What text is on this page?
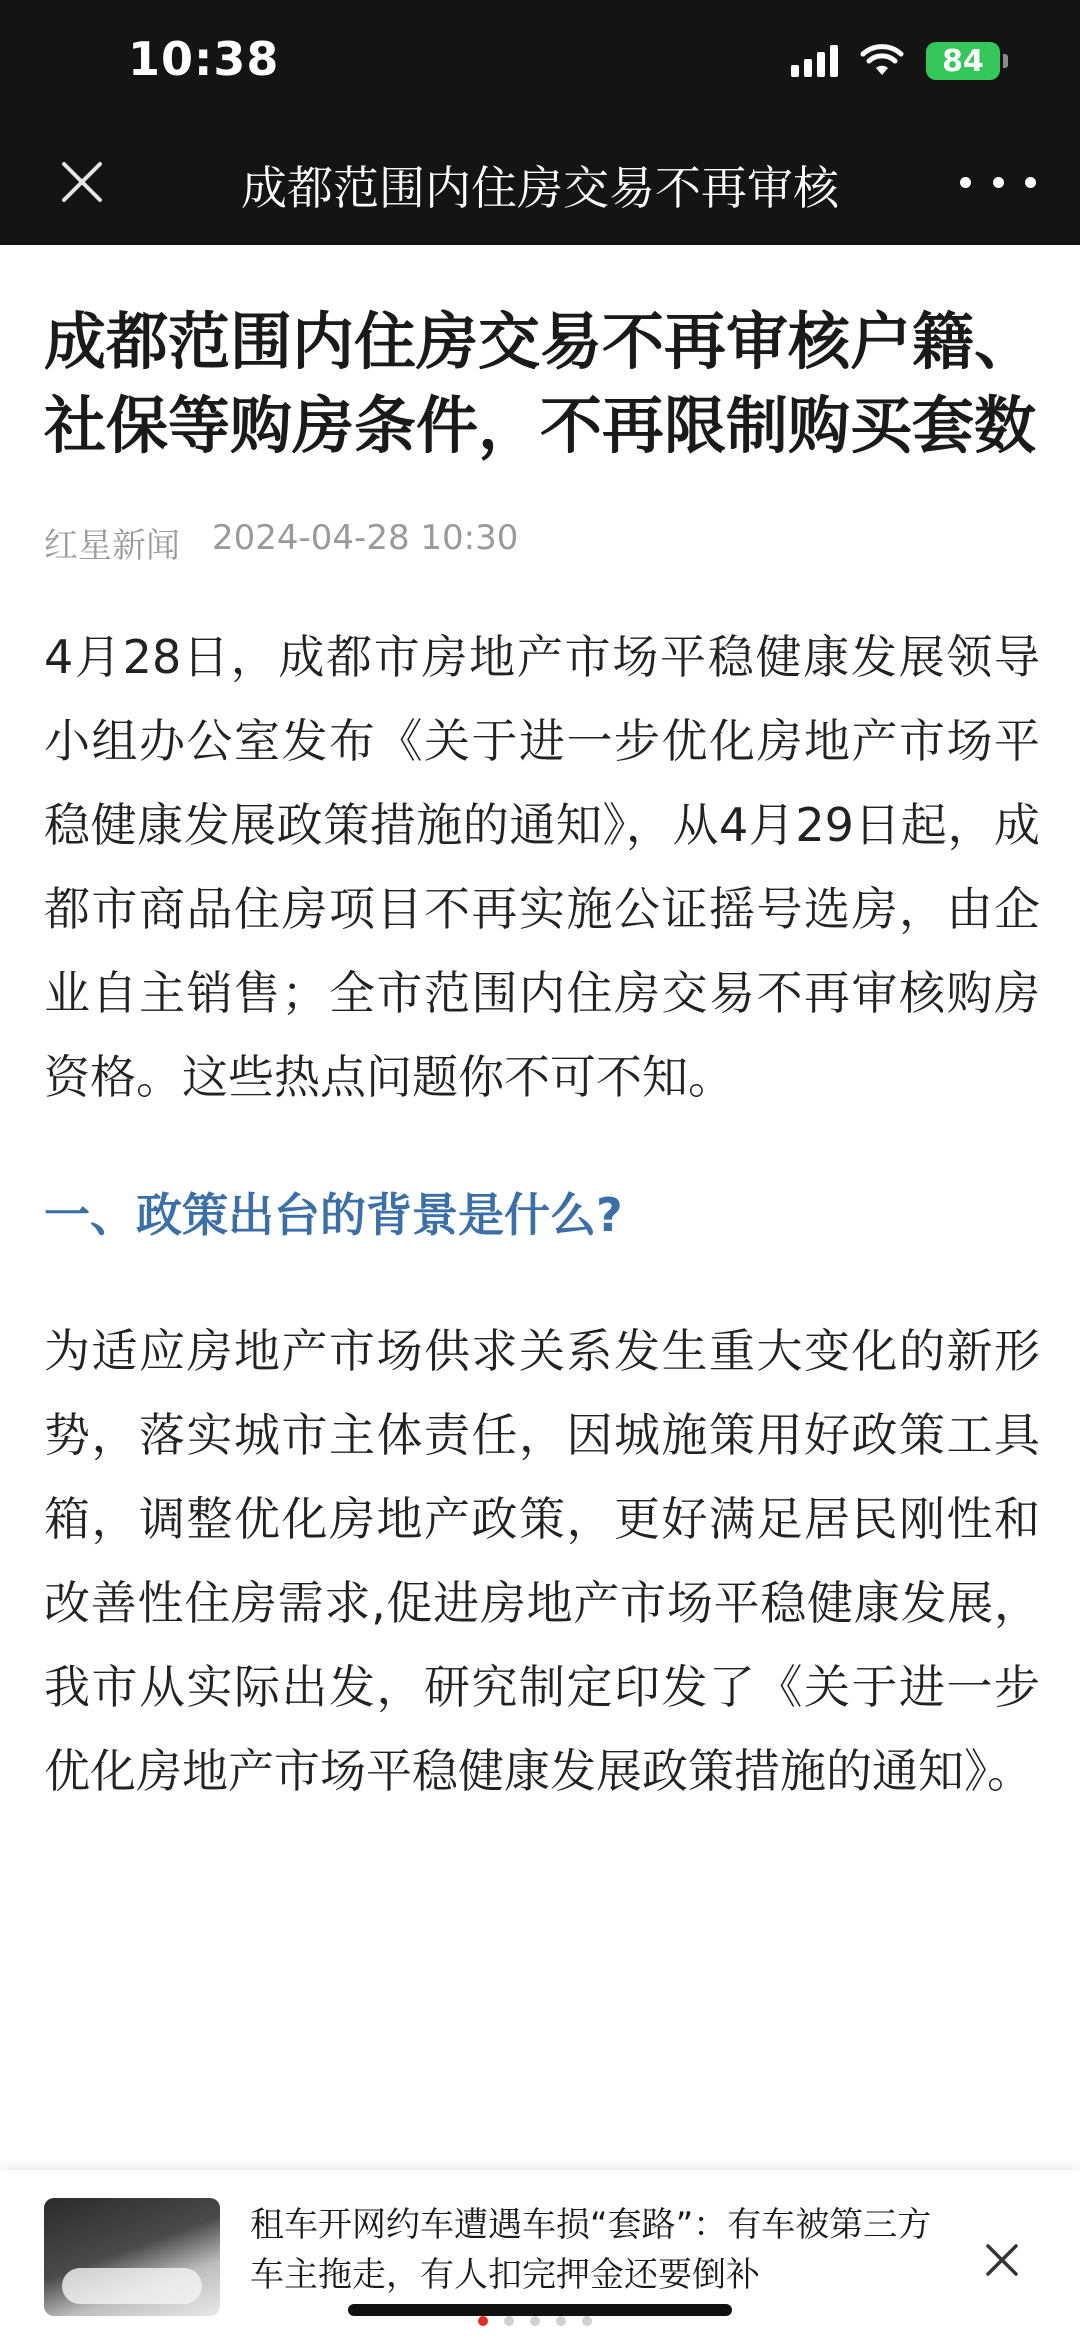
10:38	84
成都范围内住房交易不再审核
成都范围内住房交易不再审核户籍、社保等购房条件，不再限制购买套数
红星新闻 2024-04-28 10:30

4月28日，成都市房地产市场平稳健康发展领导小组办公室发布《关于进一步优化房地产市场平稳健康发展政策措施的通知》，从4月29日起，成都市商品住房项目不再实施公证摇号选房，由企业自主销售；全市范围内住房交易不再审核购房资格。这些热点问题你不可不知。

一、政策出台的背景是什么?

为适应房地产市场供求关系发生重大变化的新形势，落实城市主体责任，因城施策用好政策工具箱，调整优化房地产政策，更好满足居民刚性和改善性住房需求,促进房地产市场平稳健康发展，我市从实际出发，研究制定印发了《关于进一步优化房地产市场平稳健康发展政策措施的通知》。

租车开网约车遭遇车损“套路”：有车被第三方车主拖走，有人扣完押金还要倒补
